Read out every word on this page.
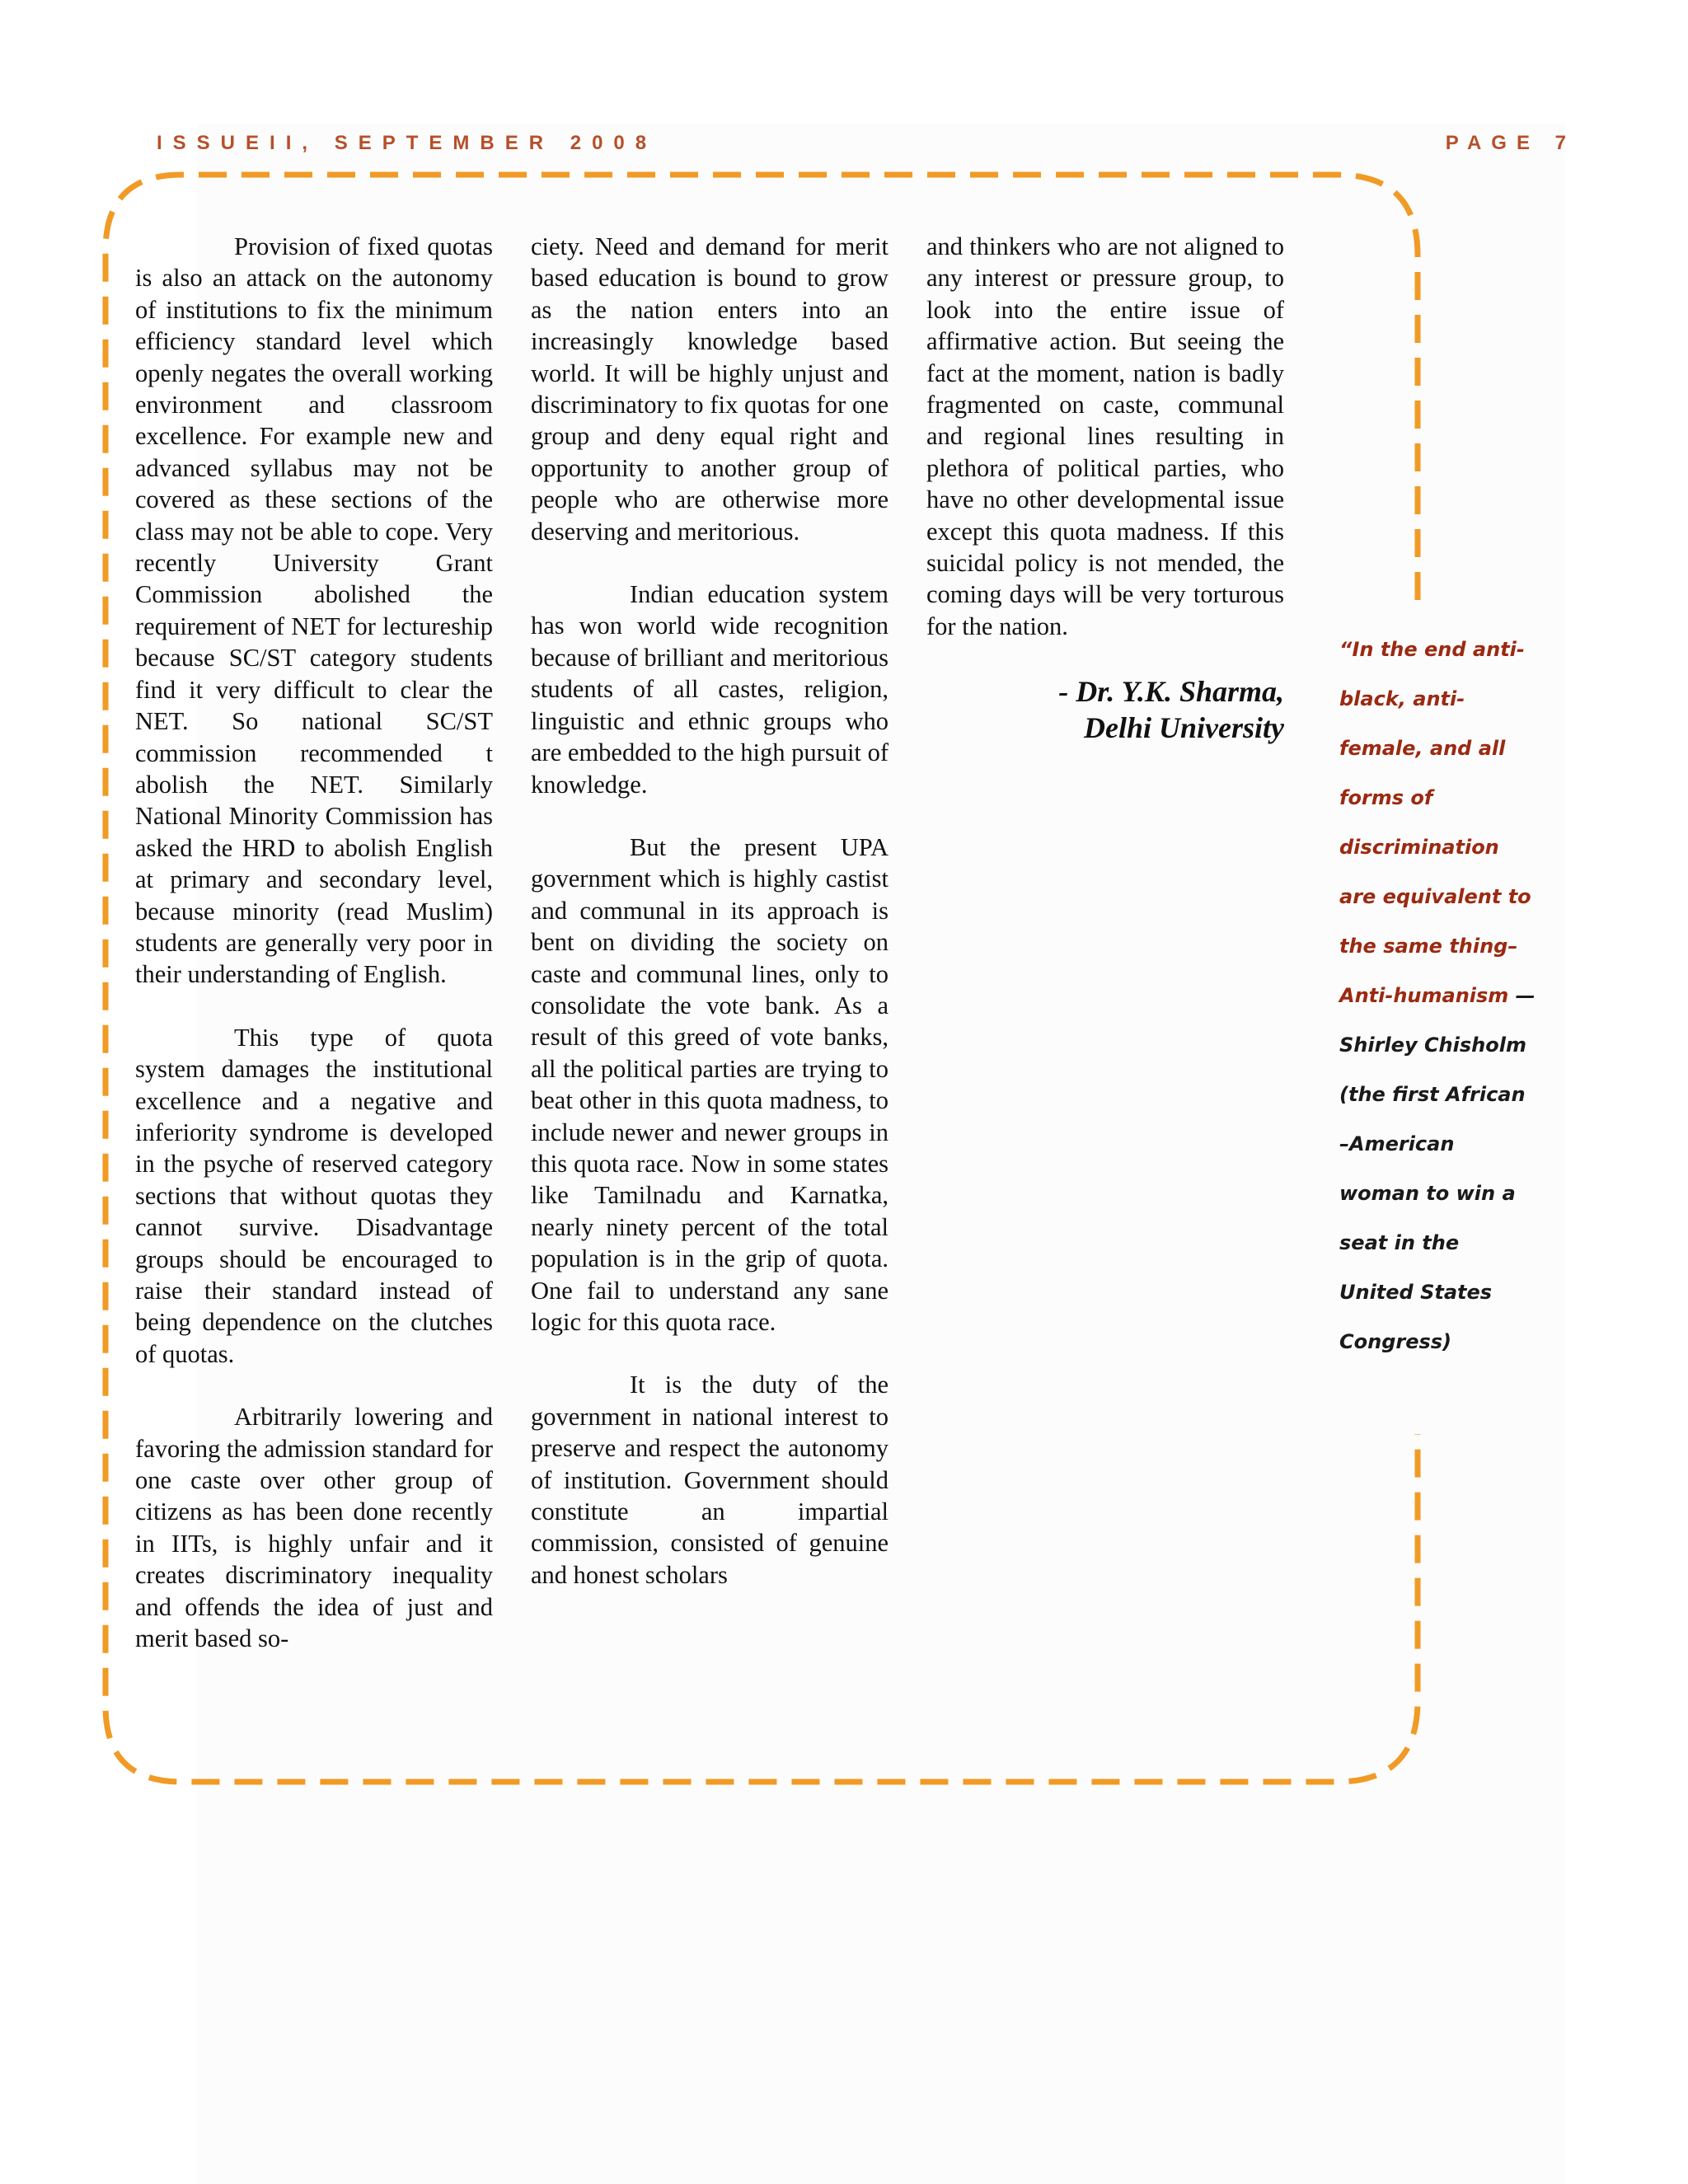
ISSUEII, SEPTEMBER 2008	PAGE 7

Provision of fixed quotas is also an attack on the autonomy of institutions to fix the minimum efficiency standard level which openly negates the overall working environment and classroom excellence. For example new and advanced syllabus may not be covered as these sections of the class may not be able to cope. Very recently University Grant Commission abolished the requirement of NET for lectureship because SC/ST category students find it very difficult to clear the NET. So national SC/ST commission recommended t abolish the NET. Similarly National Minority Commission has asked the HRD to abolish English at primary and secondary level, because minority (read Muslim) students are generally very poor in their understanding of English.

This type of quota system damages the institutional excellence and a negative and inferiority syndrome is developed in the psyche of reserved category sections that without quotas they cannot survive. Disadvantage groups should be encouraged to raise their standard instead of being dependence on the clutches of quotas.

Arbitrarily lowering and favoring the admission standard for one caste over other group of citizens as has been done recently in IITs, is highly unfair and it creates discriminatory inequality and offends the idea of just and merit based so-

ciety. Need and demand for merit based education is bound to grow as the nation enters into an increasingly knowledge based world. It will be highly unjust and discriminatory to fix quotas for one group and deny equal right and opportunity to another group of people who are otherwise more deserving and meritorious.

Indian education system has won world wide recognition because of brilliant and meritorious students of all castes, religion, linguistic and ethnic groups who are embedded to the high pursuit of knowledge.

But the present UPA government which is highly castist and communal in its approach is bent on dividing the society on caste and communal lines, only to consolidate the vote bank. As a result of this greed of vote banks, all the political parties are trying to beat other in this quota madness, to include newer and newer groups in this quota race. Now in some states like Tamilnadu and Karnatka, nearly ninety percent of the total population is in the grip of quota. One fail to understand any sane logic for this quota race.

It is the duty of the government in national interest to preserve and respect the autonomy of institution. Government should constitute an impartial commission, consisted of genuine and honest scholars

and thinkers who are not aligned to any interest or pressure group, to look into the entire issue of affirmative action. But seeing the fact at the moment, nation is badly fragmented on caste, communal and regional lines resulting in plethora of political parties, who have no other developmental issue except this quota madness. If this suicidal policy is not mended, the coming days will be very torturous for the nation.

- Dr. Y.K. Sharma,
Delhi University
“In the end anti-black, anti-female, and all forms of discrimination are equivalent to the same thing–Anti-humanism —Shirley Chisholm (the first African –American woman to win a seat in the United States Congress)
